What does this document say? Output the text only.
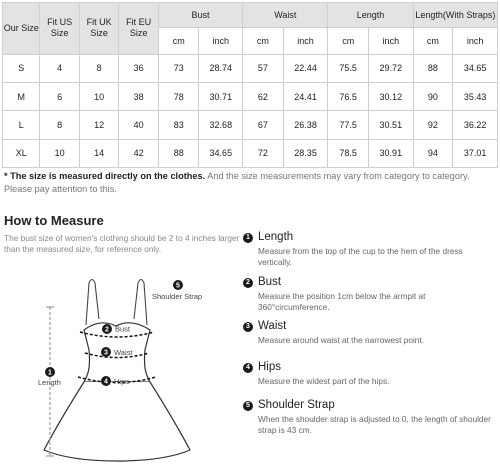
Our Size	Fit US Size	Fit UK Size	Fit EU Size	Bust		Waist		Length		Length(With Straps)	
				cm	inch	cm	inch	cm	inch	cm	inch
S	4	8	36	73	28.74	57	22.44	75.5	29.72	88	34.65
M	6	10	38	78	30.71	62	24.41	76.5	30.12	90	35.43
L	8	12	40	83	32.68	67	26.38	77.5	30.51	92	36.22
XL	10	14	42	88	34.65	72	28.35	78.5	30.91	94	37.01
* The size is measured directly on the clothes. And the size measurements may vary from category to category. Please pay attention to this.
How to Measure
The bust size of women's clothing should be 2 to 4 inches larger than the measured size, for reference only.
5
Shoulder Strap
2 Bust
3 Waist
4 Hips
1
Length
1 Length
Measure from the top of the cup to the hem of the dress vertically.
2 Bust
Measure the position 1cm below the armpit at 360°circumference.
3 Waist
Measure around waist at the narrowest point.
4 Hips
Measure the widest part of the hips.
5 Shoulder Strap
When the shoulder strap is adjusted to 0, the length of shoulder strap is 43 cm.
